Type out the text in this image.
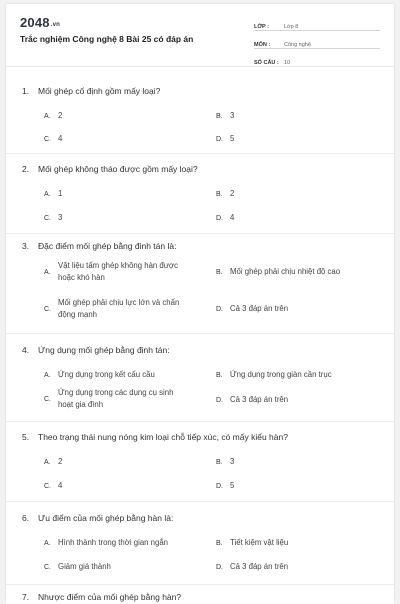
2048.vn
Trắc nghiệm Công nghệ 8 Bài 25 có đáp án
LỚP :	Lớp 8
MÔN :	Công nghệ
SỐ CÂU : 10
1. Mối ghép cố định gồm mấy loại?
A. 2	B. 3
C. 4	D. 5
2. Mối ghép không tháo được gồm mấy loại?
A. 1	B. 2
C. 3	D. 4
3. Đặc điểm mối ghép bằng đinh tán là:
A.
Vật liệu tấm ghép không hàn được
hoặc khó hàn
B. Mối ghép phải chịu nhiệt độ cao
C.
Mối ghép phải chịu lực lớn và chấn
động mạnh
D. Cả 3 đáp án trên
4. Ứng dụng mối ghép bằng đinh tán:
A. Ứng dụng trong kết cấu cầu	B. Ứng dụng trong giàn cần trục
C.
Ứng dụng trong các dụng cụ sinh
hoạt gia đình	D. Cả 3 đáp án trên
5. Theo trạng thái nung nóng kim loại chỗ tiếp xúc, có mấy kiểu hàn?
A. 2	B. 3
C. 4	D. 5
6. Ưu điểm của mối ghép bằng hàn là:
A. Hình thành trong thời gian ngắn	B. Tiết kiệm vật liệu
C. Giảm giá thành	D. Cả 3 đáp án trên
7. Nhược điểm của mối ghép bằng hàn?
